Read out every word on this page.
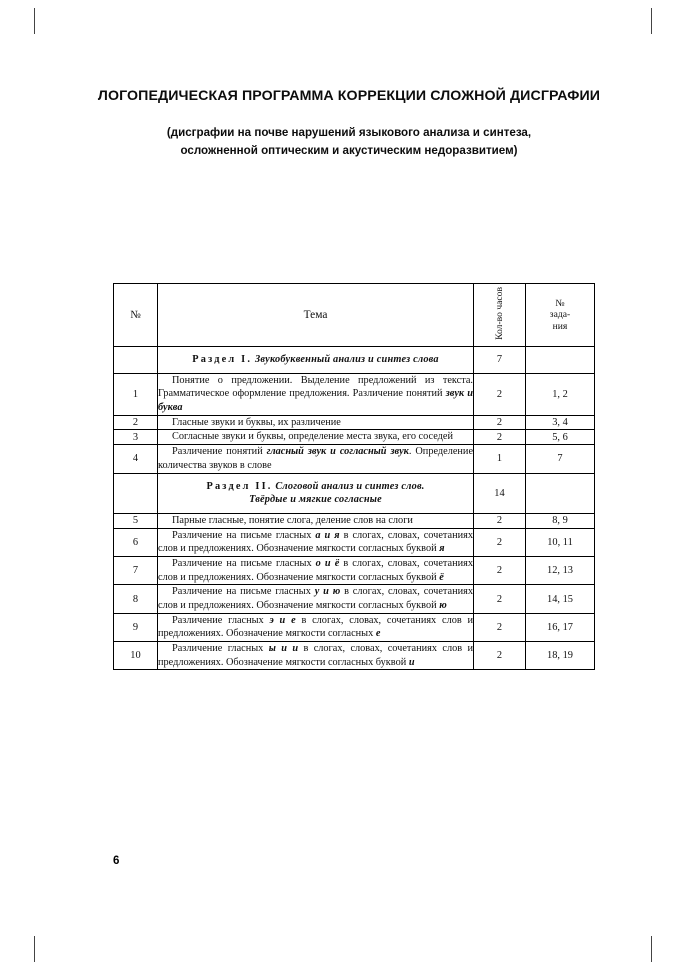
ЛОГОПЕДИЧЕСКАЯ ПРОГРАММА КОРРЕКЦИИ СЛОЖНОЙ ДИСГРАФИИ
(дисграфии на почве нарушений языкового анализа и синтеза,
осложненной оптическим и акустическим недоразвитием)
№	Тема	Кол-во часов	№
зада-
ния

	Раздел I. Звукобуквенный анализ и синтез слова	7	
1	Понятие о предложении. Выделение предложений из текста. Грамматическое оформление предложения. Различение понятий звук и буква	2	1, 2
2	Гласные звуки и буквы, их различение	2	3, 4
3	Согласные звуки и буквы, определение места звука, его соседей	2	5, 6
4	Различение понятий гласный звук и согласный звук. Определение количества звуков в слове	1	7
	Раздел II. Слоговой анализ и синтез слов.
Твёрдые и мягкие согласные	14	
5	Парные гласные, понятие слога, деление слов на слоги	2	8, 9
6	Различение на письме гласных а и я в слогах, словах, сочетаниях слов и предложениях. Обозначение мягкости согласных буквой я	2	10, 11
7	Различение на письме гласных о и ё в слогах, словах, сочетаниях слов и предложениях. Обозначение мягкости согласных буквой ё	2	12, 13
8	Различение на письме гласных у и ю в слогах, словах, сочетаниях слов и предложениях. Обозначение мягкости согласных буквой ю	2	14, 15
9	Различение гласных э и е в слогах, словах, сочетаниях слов и предложениях. Обозначение мягкости согласных е	2	16, 17
10	Различение гласных ы и и в слогах, словах, сочетаниях слов и предложениях. Обозначение мягкости согласных буквой и	2	18, 19
6
